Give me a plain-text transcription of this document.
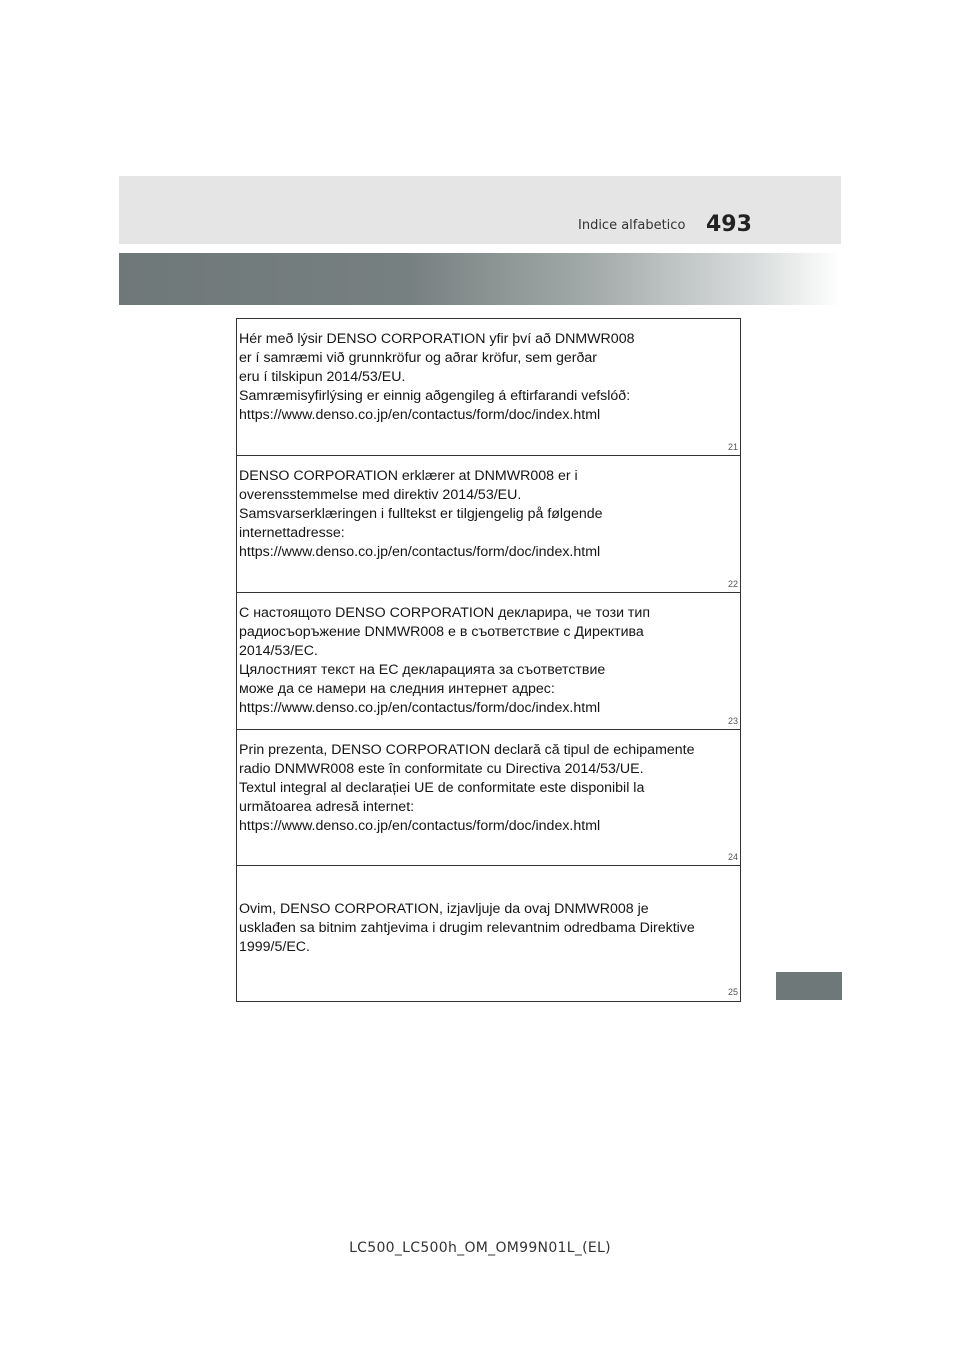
Indice alfabetico 493

Hér með lýsir DENSO CORPORATION yfir því að DNMWR008
er í samræmi við grunnkröfur og aðrar kröfur, sem gerðar
eru í tilskipun 2014/53/EU.
Samræmisyfirlýsing er einnig aðgengileg á eftirfarandi vefslóð:
https://www.denso.co.jp/en/contactus/form/doc/index.html

21

DENSO CORPORATION erklærer at DNMWR008 er i
overensstemmelse med direktiv 2014/53/EU.
Samsvarserklæringen i fulltekst er tilgjengelig på følgende
internettadresse:
https://www.denso.co.jp/en/contactus/form/doc/index.html

22

С настоящото DENSO CORPORATION декларира, че този тип
радиосъоръжение DNMWR008 е в съответствие с Директива
2014/53/ЕС.
Цялостният текст на ЕС декларацията за съответствие
може да се намери на следния интернет адрес:
https://www.denso.co.jp/en/contactus/form/doc/index.html

23

Prin prezenta, DENSO CORPORATION declară că tipul de echipamente
radio DNMWR008 este în conformitate cu Directiva 2014/53/UE.
Textul integral al declarației UE de conformitate este disponibil la
următoarea adresă internet:
https://www.denso.co.jp/en/contactus/form/doc/index.html

24

Ovim, DENSO CORPORATION, izjavljuje da ovaj DNMWR008 je
usklađen sa bitnim zahtjevima i drugim relevantnim odredbama Direktive
1999/5/EC.

25
LC500_LC500h_OM_OM99N01L_(EL)
